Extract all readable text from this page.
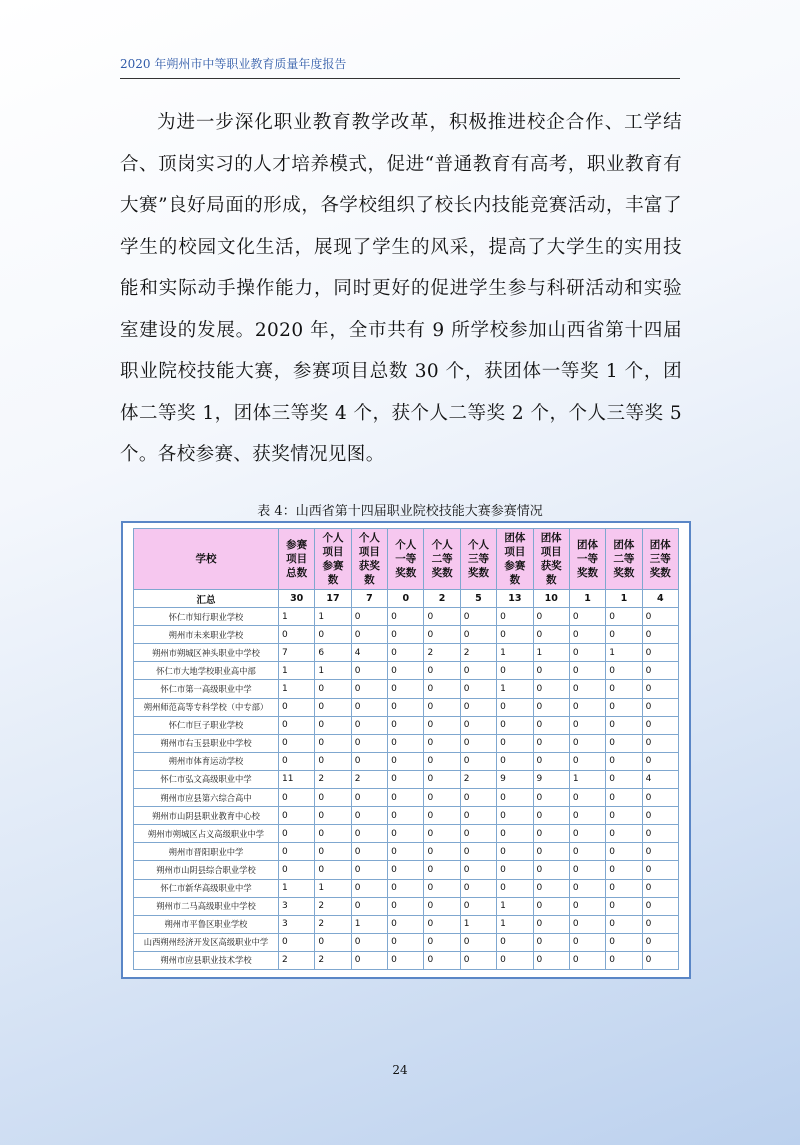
2020 年朔州市中等职业教育质量年度报告

为进一步深化职业教育教学改革，积极推进校企合作、工学结合、顶岗实习的人才培养模式，促进“普通教育有高考，职业教育有大赛”良好局面的形成，各学校组织了校长内技能竞赛活动，丰富了学生的校园文化生活，展现了学生的风采，提高了大学生的实用技能和实际动手操作能力，同时更好的促进学生参与科研活动和实验室建设的发展。2020 年，全市共有 9 所学校参加山西省第十四届职业院校技能大赛，参赛项目总数 30 个，获团体一等奖 1 个，团体二等奖 1，团体三等奖 4 个，获个人二等奖 2 个，个人三等奖 5 个。各校参赛、获奖情况见图。

表 4：山西省第十四届职业院校技能大赛参赛情况
学校	参赛项目总数	个人项目参赛数	个人项目获奖数	个人一等奖数	个人二等奖数	个人三等奖数	团体项目参赛数	团体项目获奖数	团体一等奖数	团体二等奖数	团体三等奖数
汇总	30	17	7	0	2	5	13	10	1	1	4
怀仁市知行职业学校	1	1	0	0	0	0	0	0	0	0	0
朔州市未来职业学校	0	0	0	0	0	0	0	0	0	0	0
朔州市朔城区神头职业中学校	7	6	4	0	2	2	1	1	0	1	0
怀仁市大地学校职业高中部	1	1	0	0	0	0	0	0	0	0	0
怀仁市第一高级职业中学	1	0	0	0	0	0	1	0	0	0	0
朔州师范高等专科学校（中专部）	0	0	0	0	0	0	0	0	0	0	0
怀仁市巨子职业学校	0	0	0	0	0	0	0	0	0	0	0
朔州市右玉县职业中学校	0	0	0	0	0	0	0	0	0	0	0
朔州市体育运动学校	0	0	0	0	0	0	0	0	0	0	0
怀仁市弘文高级职业中学	11	2	2	0	0	2	9	9	1	0	4
朔州市应县第六综合高中	0	0	0	0	0	0	0	0	0	0	0
朔州市山阴县职业教育中心校	0	0	0	0	0	0	0	0	0	0	0
朔州市朔城区占义高级职业中学	0	0	0	0	0	0	0	0	0	0	0
朔州市晋阳职业中学	0	0	0	0	0	0	0	0	0	0	0
朔州市山阴县综合职业学校	0	0	0	0	0	0	0	0	0	0	0
怀仁市新华高级职业中学	1	1	0	0	0	0	0	0	0	0	0
朔州市二马高级职业中学校	3	2	0	0	0	0	1	0	0	0	0
朔州市平鲁区职业学校	3	2	1	0	0	1	1	0	0	0	0
山西朔州经济开发区高级职业中学	0	0	0	0	0	0	0	0	0	0	0
朔州市应县职业技术学校	2	2	0	0	0	0	0	0	0	0	0
24
